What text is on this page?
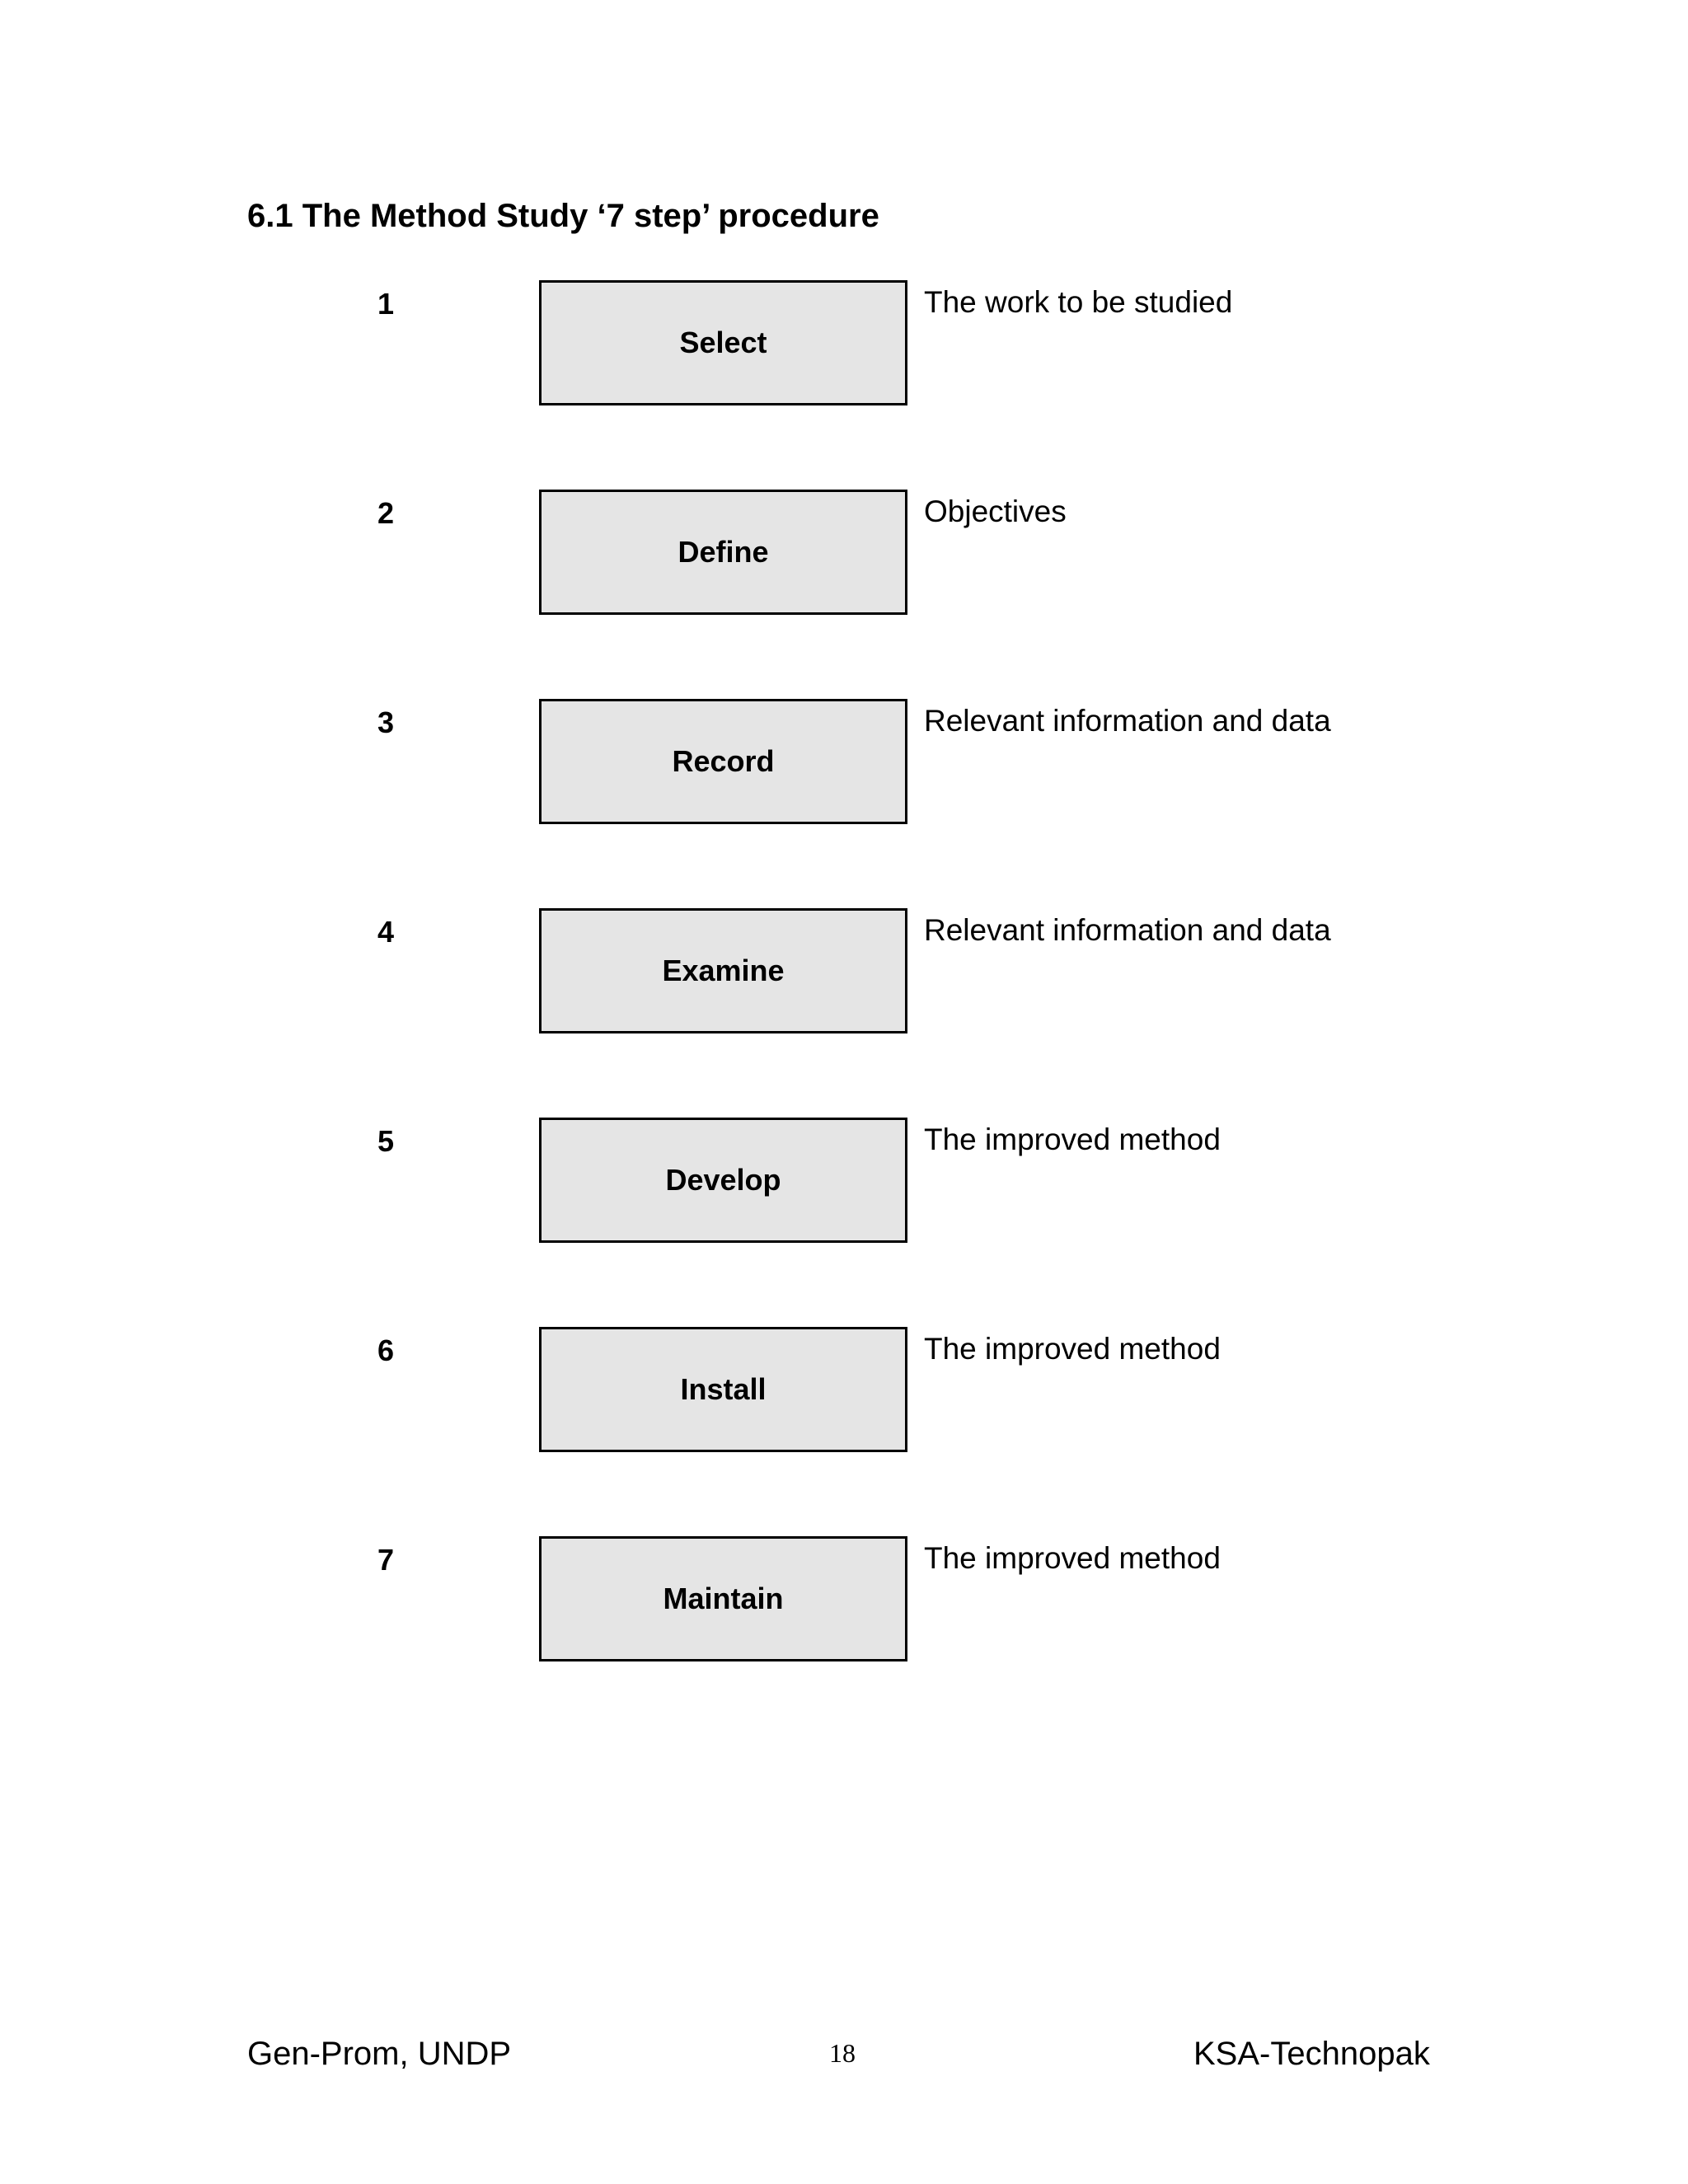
6.1 The Method Study ‘7 step’ procedure
1
Select
The work to be studied
2
Define
Objectives
3
Record
Relevant information and data
4
Examine
Relevant information and data
5
Develop
The improved method
6
Install
The improved method
7
Maintain
The improved method
Gen-Prom, UNDP	18	KSA-Technopak
